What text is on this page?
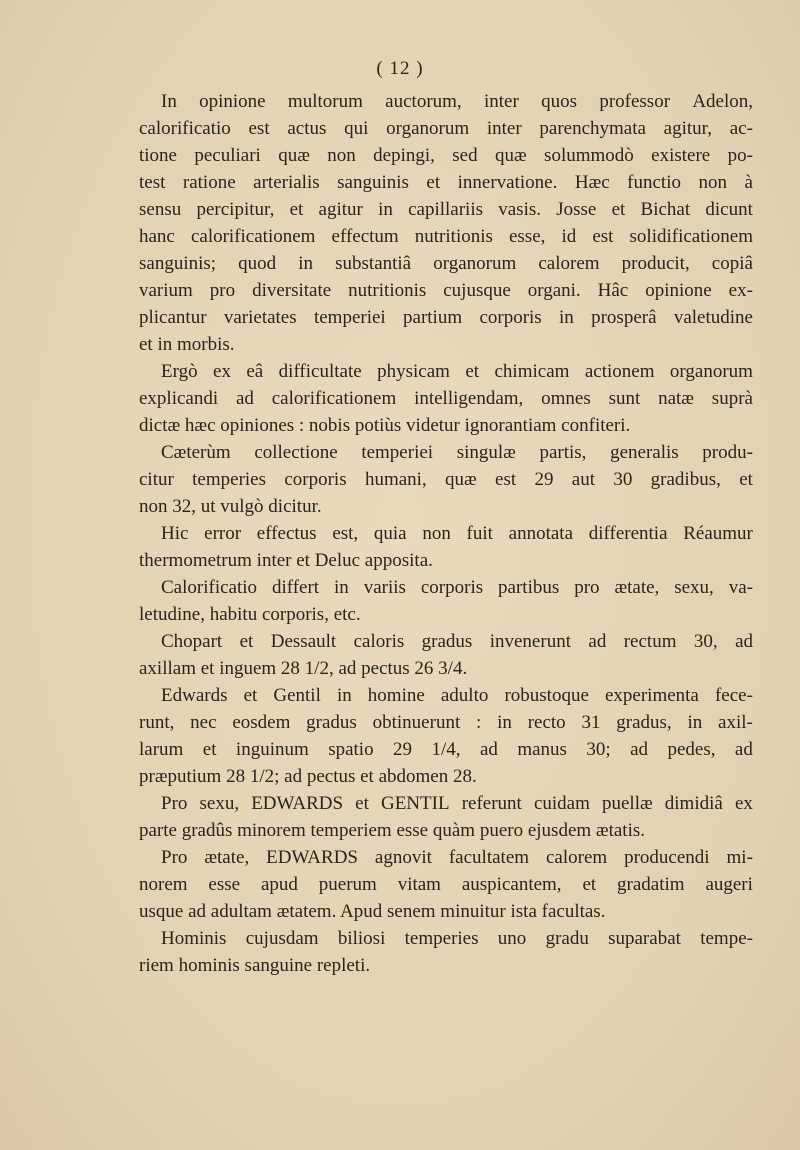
( 12 )
In opinione multorum auctorum, inter quos professor Adelon,
calorificatio est actus qui organorum inter parenchymata agitur, ac-
tione peculiari quæ non depingi, sed quæ solummodò existere po-
test ratione arterialis sanguinis et innervatione. Hæc functio non à
sensu percipitur, et agitur in capillariis vasis. Josse et Bichat dicunt
hanc calorificationem effectum nutritionis esse, id est solidificationem
sanguinis; quod in substantiâ organorum calorem producit, copiâ
varium pro diversitate nutritionis cujusque organi. Hâc opinione ex-
plicantur varietates temperiei partium corporis in prosperâ valetudine
et in morbis.
Ergò ex eâ difficultate physicam et chimicam actionem organorum
explicandi ad calorificationem intelligendam, omnes sunt natæ suprà
dictæ hæc opiniones : nobis potiùs videtur ignorantiam confiteri.
Cæterùm collectione temperiei singulæ partis, generalis produ-
citur temperies corporis humani, quæ est 29 aut 30 gradibus, et
non 32, ut vulgò dicitur.
Hic error effectus est, quia non fuit annotata differentia Réaumur
thermometrum inter et Deluc apposita.
Calorificatio differt in variis corporis partibus pro ætate, sexu, va-
letudine, habitu corporis, etc.
Chopart et Dessault caloris gradus invenerunt ad rectum 30, ad
axillam et inguem 28 1/2, ad pectus 26 3/4.
Edwards et Gentil in homine adulto robustoque experimenta fece-
runt, nec eosdem gradus obtinuerunt : in recto 31 gradus, in axil-
larum et inguinum spatio 29 1/4, ad manus 30; ad pedes, ad
præputium 28 1/2; ad pectus et abdomen 28.
Pro sexu, EDWARDS et GENTIL referunt cuidam puellæ dimidiâ ex
parte gradûs minorem temperiem esse quàm puero ejusdem ætatis.
Pro ætate, EDWARDS agnovit facultatem calorem producendi mi-
norem esse apud puerum vitam auspicantem, et gradatim augeri
usque ad adultam ætatem. Apud senem minuitur ista facultas.
Hominis cujusdam biliosi temperies uno gradu suparabat tempe-
riem hominis sanguine repleti.
